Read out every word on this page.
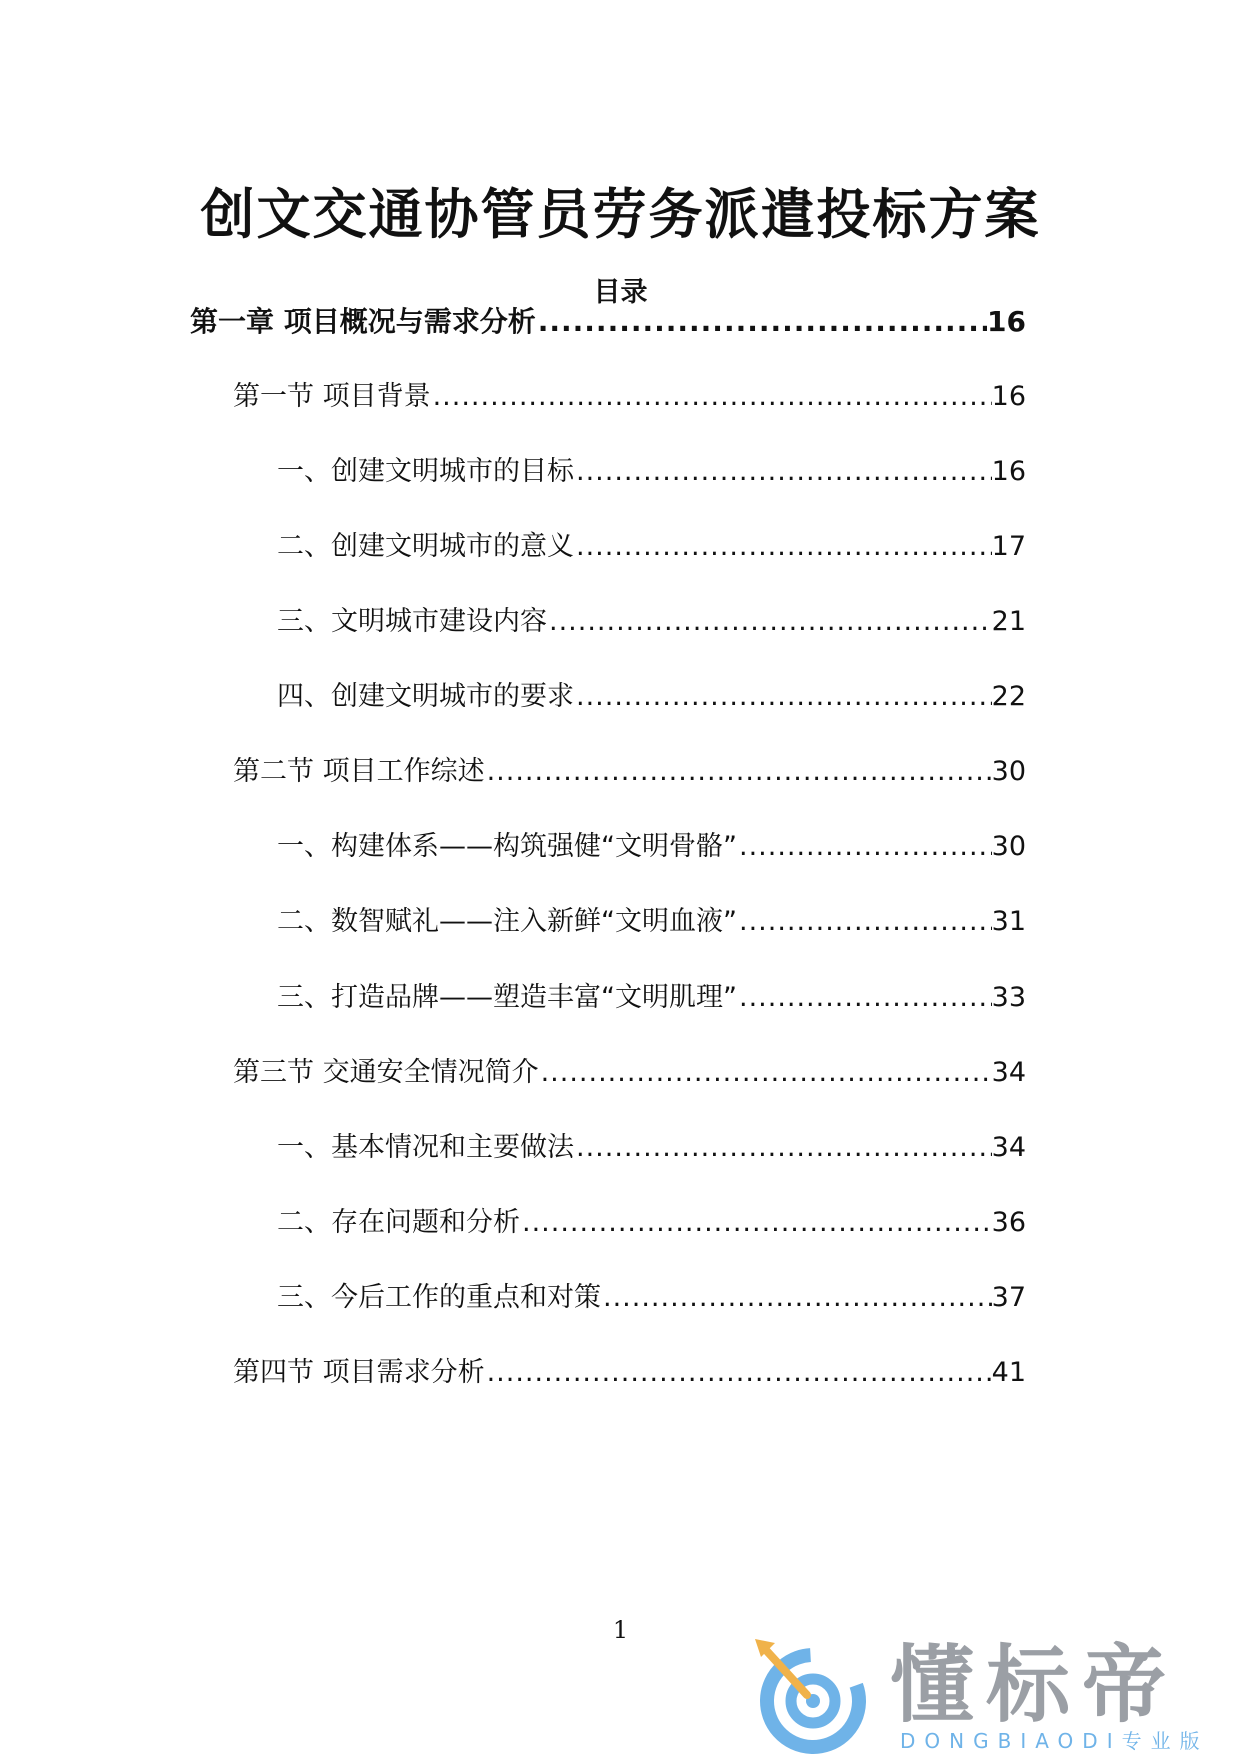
创文交通协管员劳务派遣投标方案
目录
第一章 项目概况与需求分析 .....	16
第一节 项目背景 .....	16
一、创建文明城市的目标 .....	16
二、创建文明城市的意义 .....	17
三、文明城市建设内容 .....	21
四、创建文明城市的要求 .....	22
第二节 项目工作综述 .....	30
一、构建体系——构筑强健“文明骨骼” .....	30
二、数智赋礼——注入新鲜“文明血液” .....	31
三、打造品牌——塑造丰富“文明肌理” .....	33
第三节 交通安全情况简介 .....	34
一、基本情况和主要做法 .....	34
二、存在问题和分析 .....	36
三、今后工作的重点和对策 .....	37
第四节 项目需求分析 .....	41
1
懂标帝
DONGBIAODI专业版
